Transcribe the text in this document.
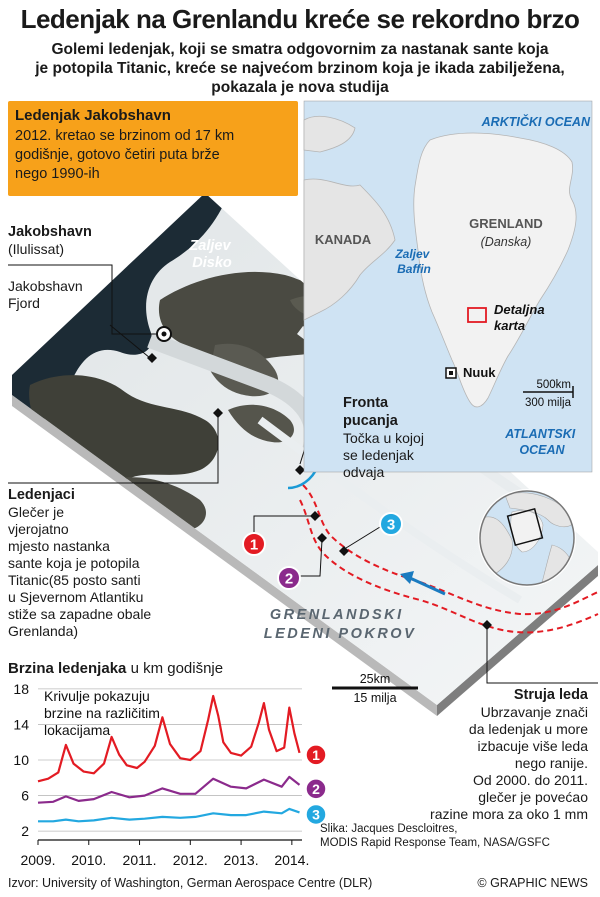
Ledenjak na Grenlandu kreće se rekordno brzo
Golemi ledenjak, koji se smatra odgovornim za nastanak sante koja
je potopila Titanic, kreće se najvećom brzinom koja je ikada zabilježena,
pokazala je nova studija
1
2
3
Zaljev Disko
GRENLANDSKI LEDENI POKROV
25km
15 milja
ARKTIČKI OCEAN
KANADA
GRENLAND
(Danska)
Zaljev Baffin
Detaljna karta
Nuuk
500km
300 milja
ATLANTSKI OCEAN
2
6
10
14
18
2009. 2010. 2011. 2012. 2013. 2014.
1
2
3
Krivulje pokazuju
brzine na različitim
lokacijama
Ledenjak Jakobshavn
2012. kretao se brzinom od 17 km
godišnje, gotovo četiri puta brže
nego 1990-ih
Jakobshavn
(Ilulissat)
Jakobshavn
Fjord
Fronta
pucanja
Točka u kojoj
se ledenjak
odvaja
Ledenjaci
Glečer je
vjerojatno
mjesto nastanka
sante koja je potopila
Titanic(85 posto santi
u Sjevernom Atlantiku
stiže sa zapadne obale
Grenlanda)
Struja leda
Ubrzavanje znači
da ledenjak u more
izbacuje više leda
nego ranije.
Od 2000. do 2011.
glečer je povećao
razine mora za oko 1 mm
Brzina ledenjaka u km godišnje
Slika: Jacques Descloitres,
MODIS Rapid Response Team, NASA/GSFC
Izvor: University of Washington, German Aerospace Centre (DLR)	© GRAPHIC NEWS
